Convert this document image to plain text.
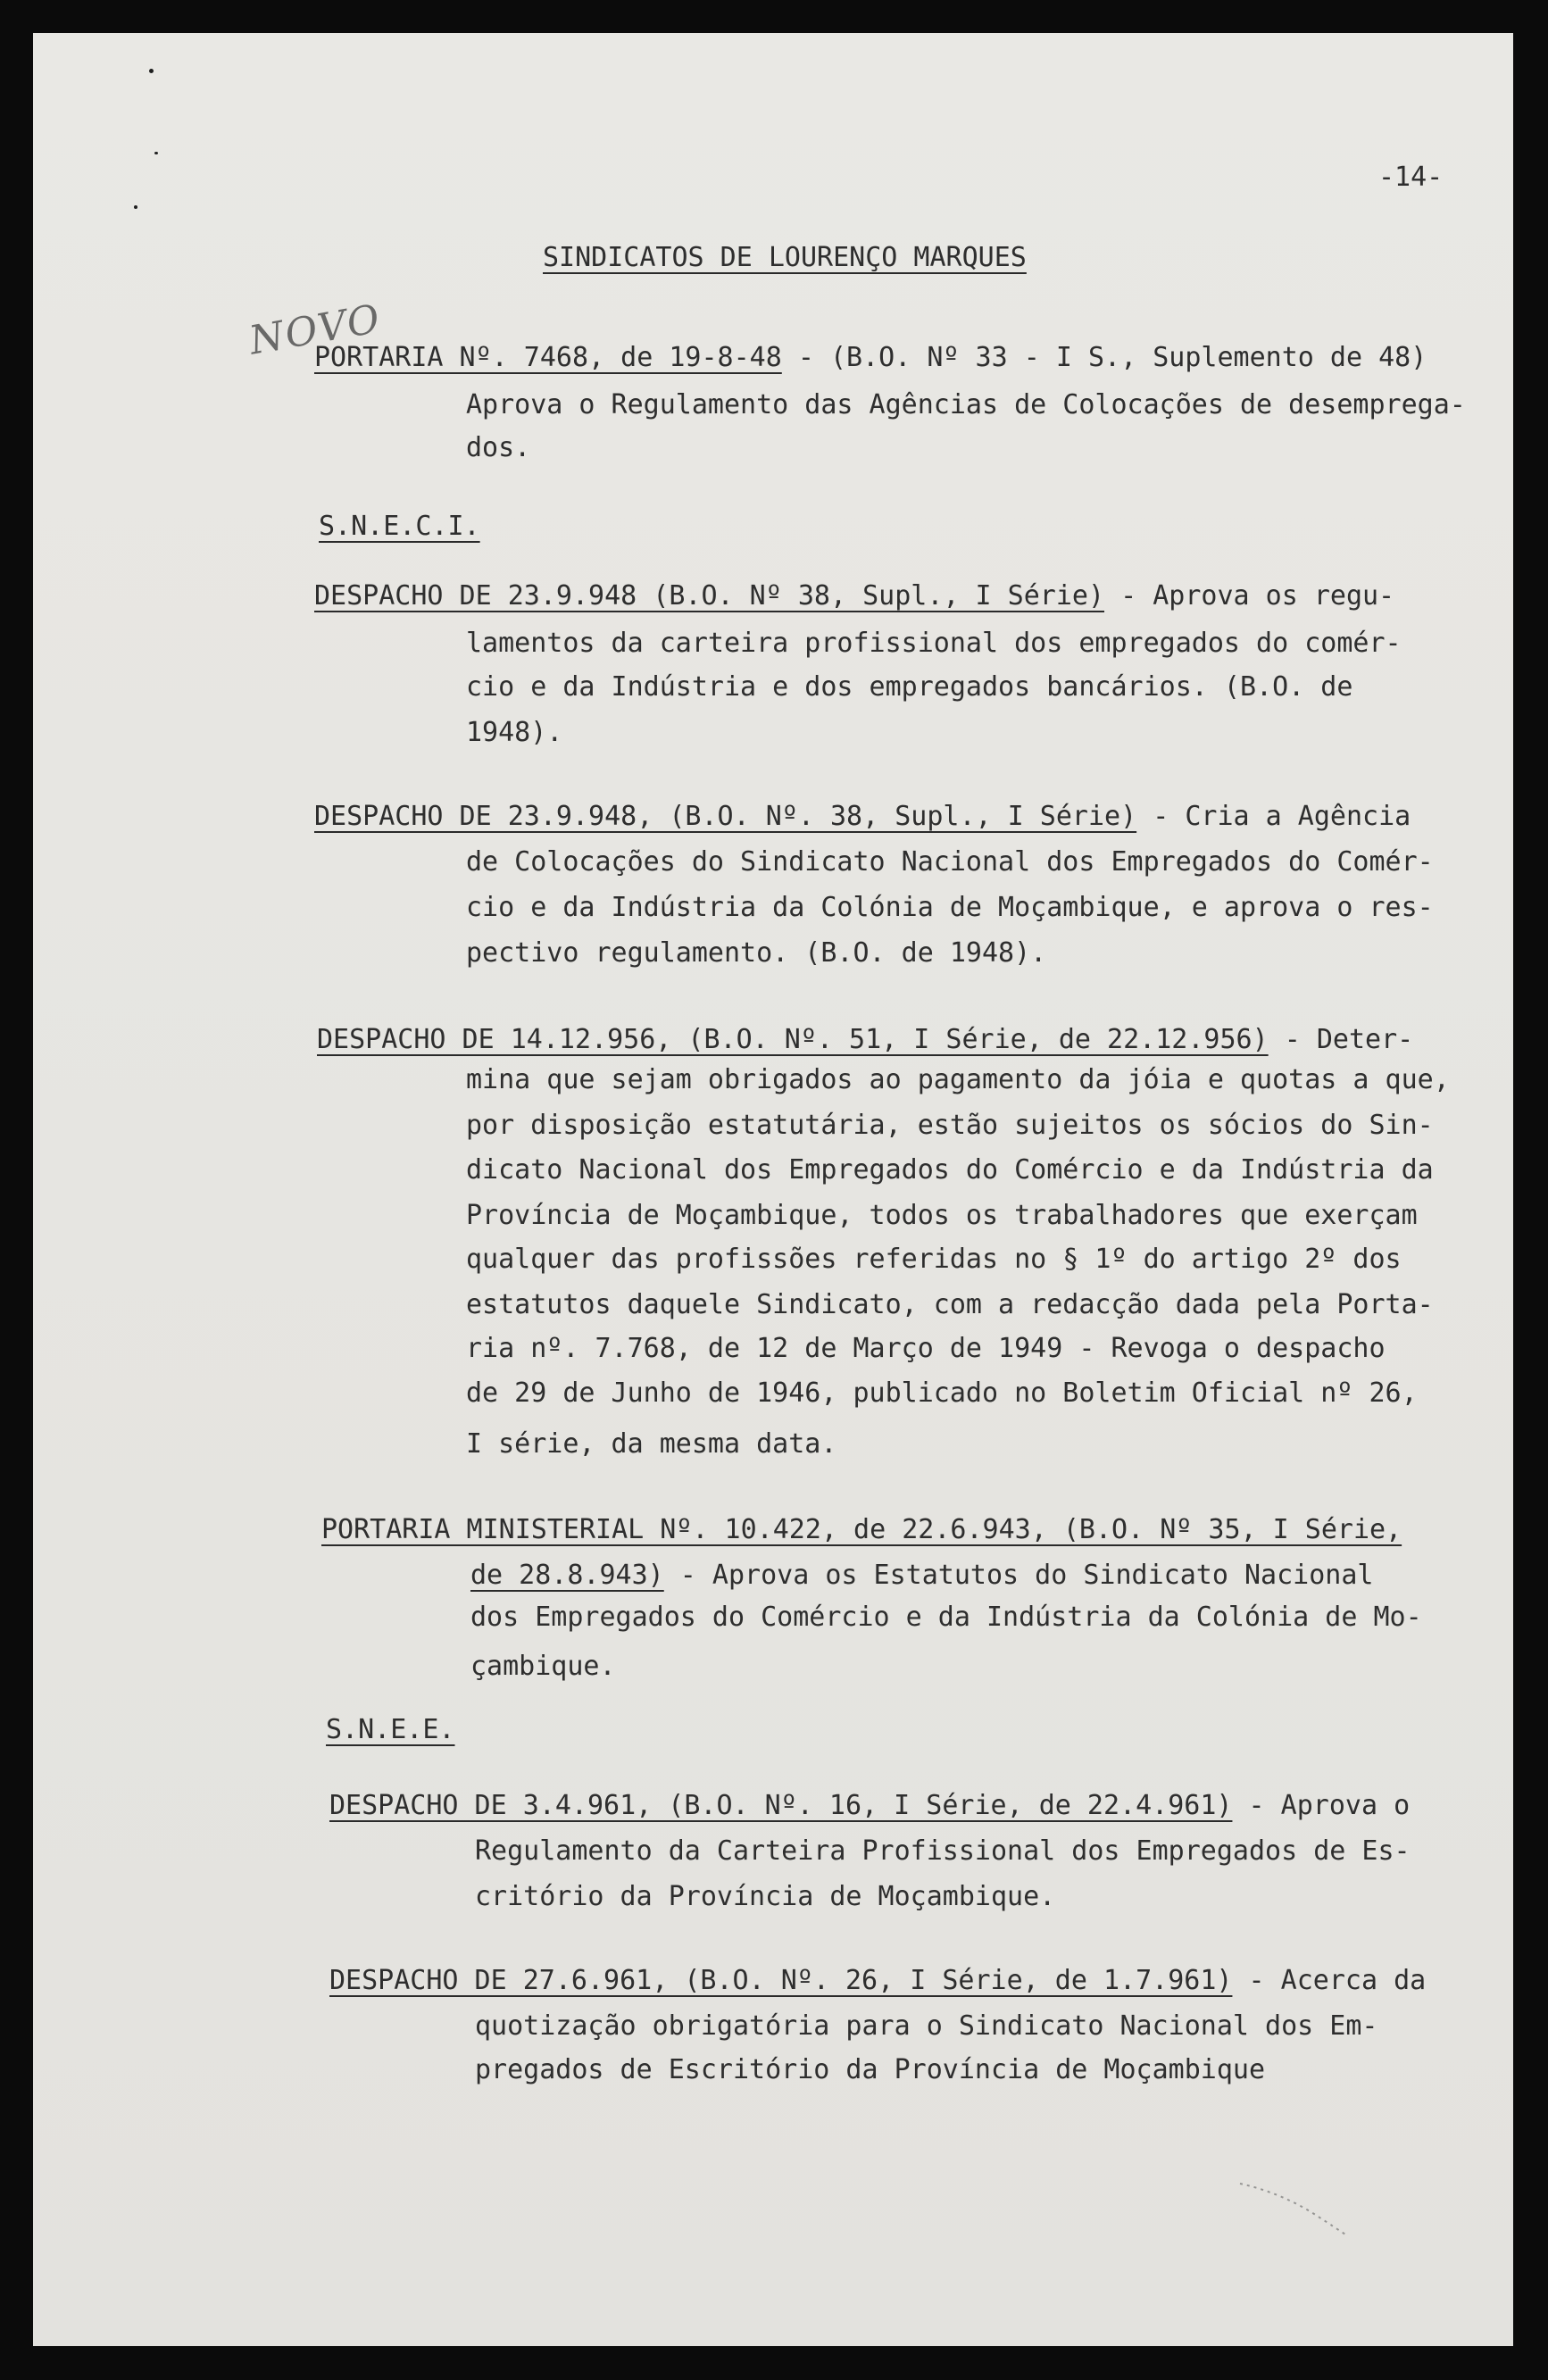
-14-
SINDICATOS DE LOURENÇO MARQUES
NOVO
PORTARIA Nº. 7468, de 19-8-48 - (B.O. Nº 33 - I S., Suplemento de 48)
Aprova o Regulamento das Agências de Colocações de desemprega-
dos.
S.N.E.C.I.
DESPACHO DE 23.9.948 (B.O. Nº 38, Supl., I Série) - Aprova os regu-
lamentos da carteira profissional dos empregados do comér-
cio e da Indústria e dos empregados bancários. (B.O. de
1948).
DESPACHO DE 23.9.948, (B.O. Nº. 38, Supl., I Série) - Cria a Agência
de Colocações do Sindicato Nacional dos Empregados do Comér-
cio e da Indústria da Colónia de Moçambique, e aprova o res-
pectivo regulamento. (B.O. de 1948).
DESPACHO DE 14.12.956, (B.O. Nº. 51, I Série, de 22.12.956) - Deter-
mina que sejam obrigados ao pagamento da jóia e quotas a que,
por disposição estatutária, estão sujeitos os sócios do Sin-
dicato Nacional dos Empregados do Comércio e da Indústria da
Província de Moçambique, todos os trabalhadores que exerçam
qualquer das profissões referidas no § 1º do artigo 2º dos
estatutos daquele Sindicato, com a redacção dada pela Porta-
ria nº. 7.768, de 12 de Março de 1949 - Revoga o despacho
de 29 de Junho de 1946, publicado no Boletim Oficial nº 26,
I série, da mesma data.
PORTARIA MINISTERIAL Nº. 10.422, de 22.6.943, (B.O. Nº 35, I Série,
de 28.8.943) - Aprova os Estatutos do Sindicato Nacional
dos Empregados do Comércio e da Indústria da Colónia de Mo-
çambique.
S.N.E.E.
DESPACHO DE 3.4.961, (B.O. Nº. 16, I Série, de 22.4.961) - Aprova o
Regulamento da Carteira Profissional dos Empregados de Es-
critório da Província de Moçambique.
DESPACHO DE 27.6.961, (B.O. Nº. 26, I Série, de 1.7.961) - Acerca da
quotização obrigatória para o Sindicato Nacional dos Em-
pregados de Escritório da Província de Moçambique
